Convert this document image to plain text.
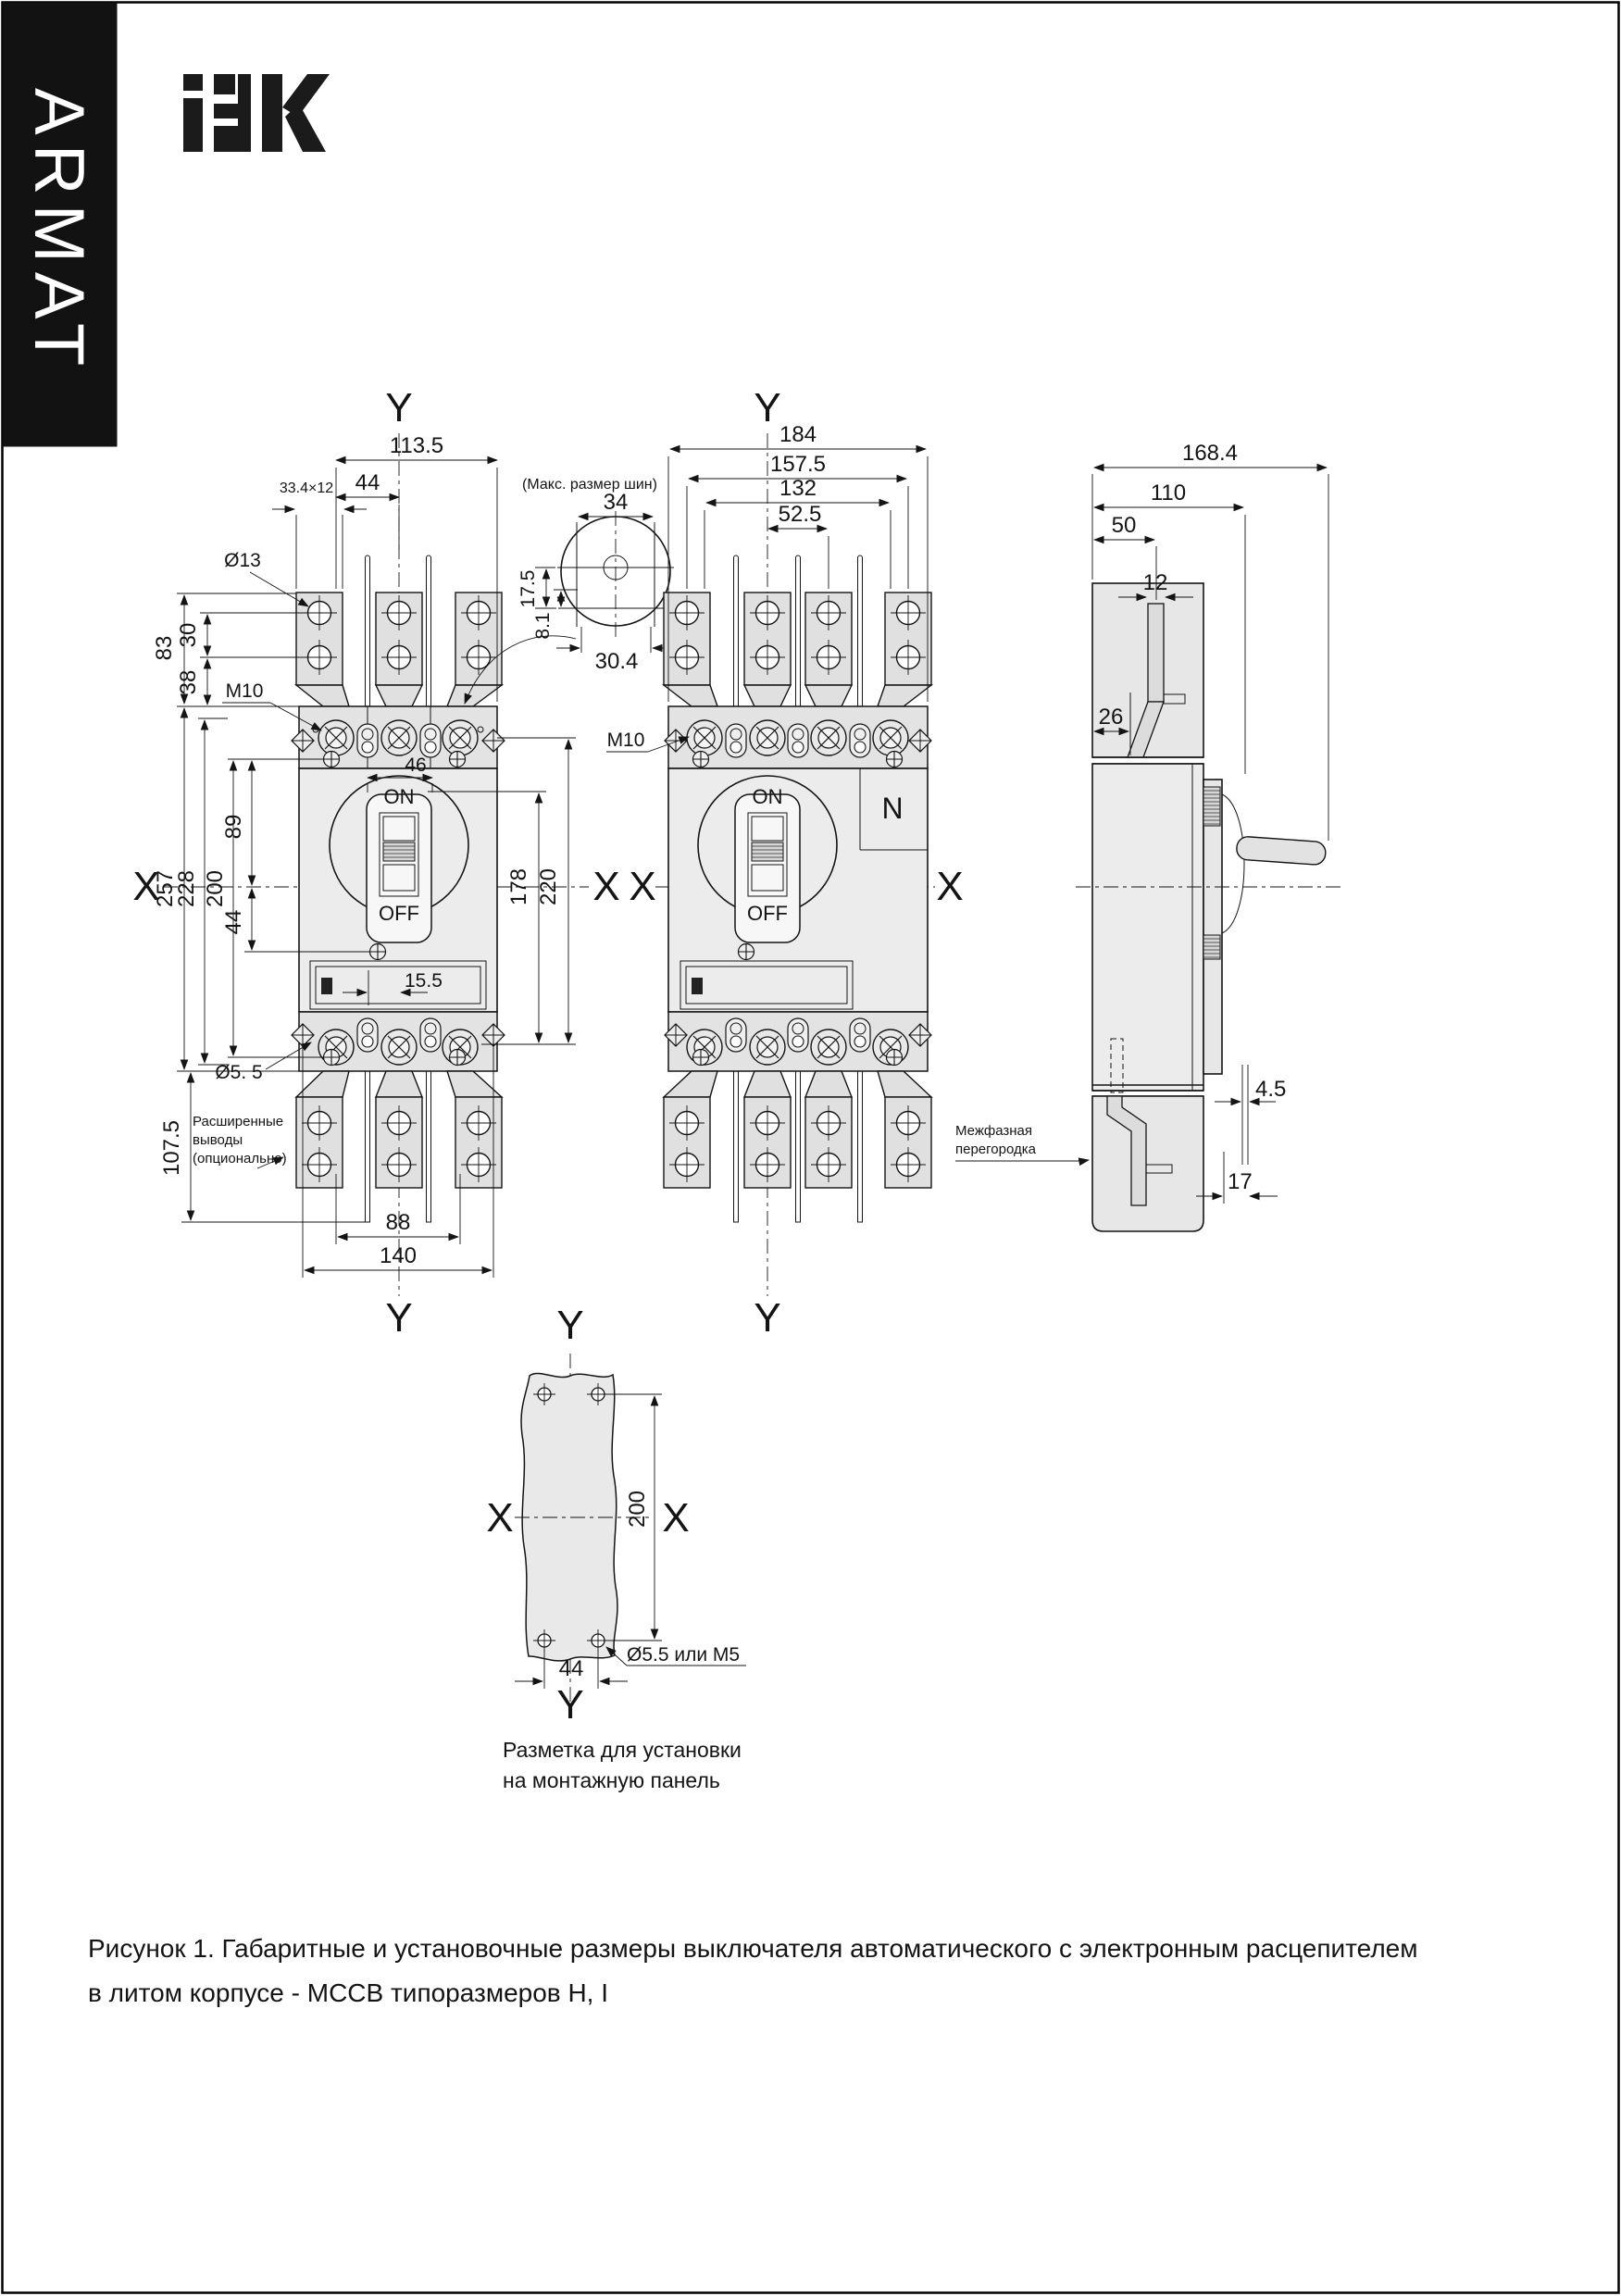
ARMAT
ON
OFF
113.5
44
33.4×12
Ø13
83
30
38 M10
46
257
228 200
89
44
15.5
178 220
Ø5. 5
107.5 Расширенные
выводы
(опционально)
88
140
Y
Y
X	X
(Макс. размер шин)
34
17.5
8.1
30.4
N
ON
OFF
184
157.5
132
52.5
M10
Межфазная
перегородка
Y
Y
X	X
168.4
110
50
12
26
4.5
17
200
44
Ø5.5 или M5
Y
Y
X	X
Разметка для установки
на монтажную панель
Рисунок 1. Габаритные и установочные размеры выключателя автоматического с электронным расцепителем
в литом корпусе - МССВ типоразмеров H, I
